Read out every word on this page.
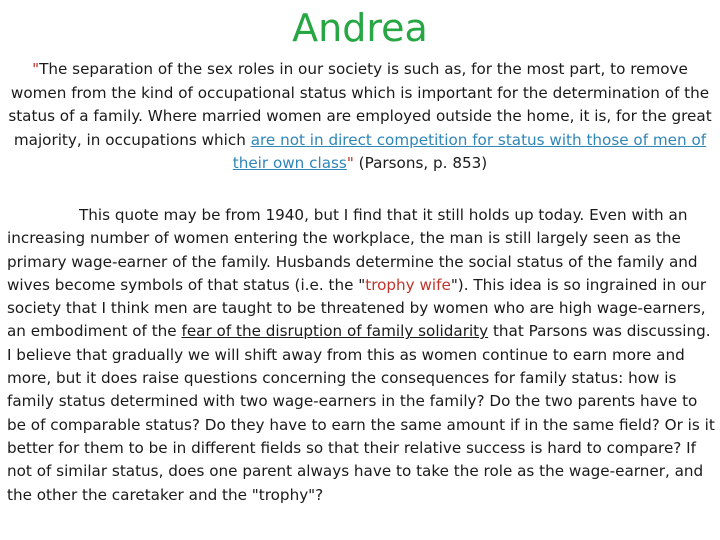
Andrea

"The separation of the sex roles in our society is such as, for the most part, to remove women from the kind of occupational status which is important for the determination of the status of a family. Where married women are employed outside the home, it is, for the great majority, in occupations which are not in direct competition for status with those of men of their own class" (Parsons, p. 853)

This quote may be from 1940, but I find that it still holds up today. Even with an increasing number of women entering the workplace, the man is still largely seen as the primary wage-earner of the family. Husbands determine the social status of the family and wives become symbols of that status (i.e. the "trophy wife"). This idea is so ingrained in our society that I think men are taught to be threatened by women who are high wage-earners, an embodiment of the fear of the disruption of family solidarity that Parsons was discussing. I believe that gradually we will shift away from this as women continue to earn more and more, but it does raise questions concerning the consequences for family status: how is family status determined with two wage-earners in the family? Do the two parents have to be of comparable status? Do they have to earn the same amount if in the same field? Or is it better for them to be in different fields so that their relative success is hard to compare? If not of similar status, does one parent always have to take the role as the wage-earner, and the other the caretaker and the "trophy"?
